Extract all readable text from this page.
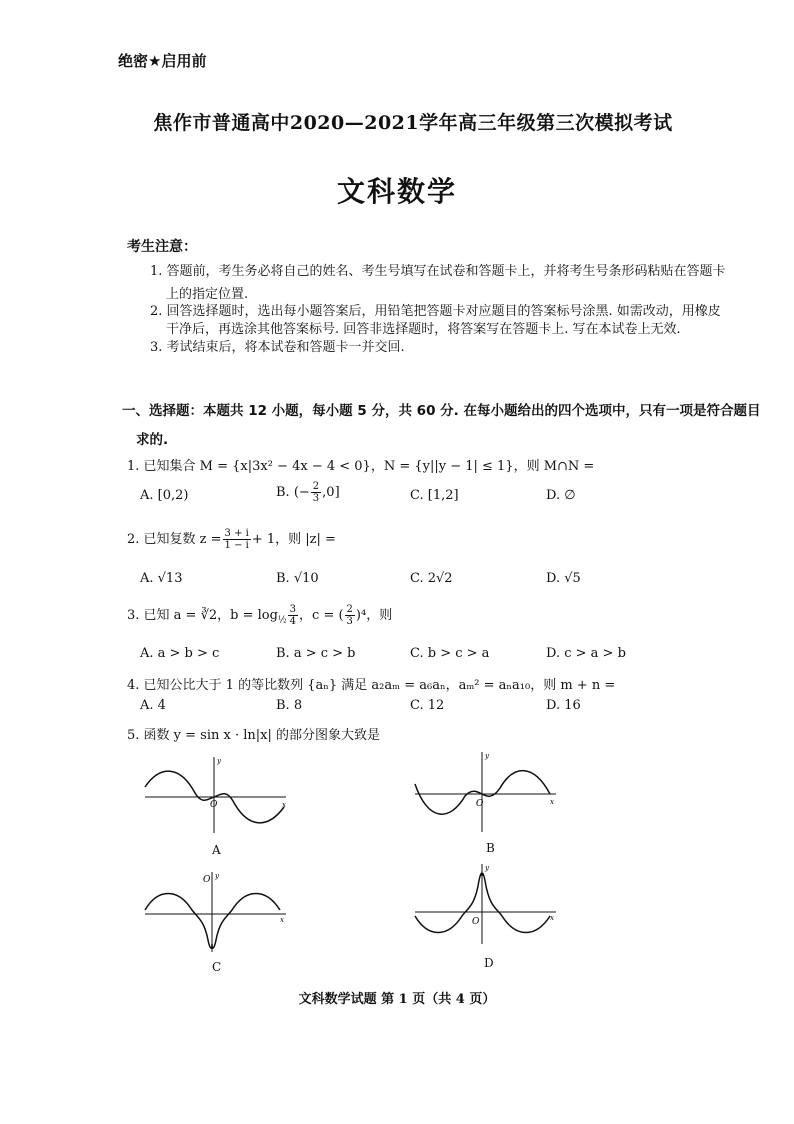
绝密★启用前
焦作市普通高中2020—2021学年高三年级第三次模拟考试
文科数学
考生注意：
1. 答题前，考生务必将自己的姓名、考生号填写在试卷和答题卡上，并将考生号条形码粘贴在答题卡
上的指定位置.
2. 回答选择题时，选出每小题答案后，用铅笔把答题卡对应题目的答案标号涂黑. 如需改动，用橡皮
干净后，再选涂其他答案标号. 回答非选择题时，将答案写在答题卡上. 写在本试卷上无效.
3. 考试结束后，将本试卷和答题卡一并交回.
一、选择题：本题共 12 小题，每小题 5 分，共 60 分. 在每小题给出的四个选项中，只有一项是符合题目
求的.
1. 已知集合 M = {x|3x² − 4x − 4 < 0}，N = {y||y − 1| ≤ 1}，则 M∩N =
A. [0,2)	B. (− $\frac{2}{3} ,0$]	C. [1,2]	D. ∅
2. 已知复数 $z = \frac{3 + i}{1 - i} + 1$，则 |z| =
A. √13	B. √10	C. 2√2	D. √5
3. 已知 a = ∛2，$b = \log_{\frac{1}{2}} \frac{3}{4}$ ，c = ( $\frac{2}{3} )^4$，则
A. a > b > c	B. a > c > b	C. b > c > a	D. c > a > b
4. 已知公比大于 1 的等比数列 {aₙ} 满足 a₂aₘ = a₆aₙ，aₘ² = aₙa₁₀，则 m + n =
A. 4	B. 8	C. 12	D. 16
5. 函数 y = sin x · ln|x| 的部分图象大致是
O	x
y
A
O	x
y
B
O
x
y
C
O	x
y
D
文科数学试题 第 1 页（共 4 页）
